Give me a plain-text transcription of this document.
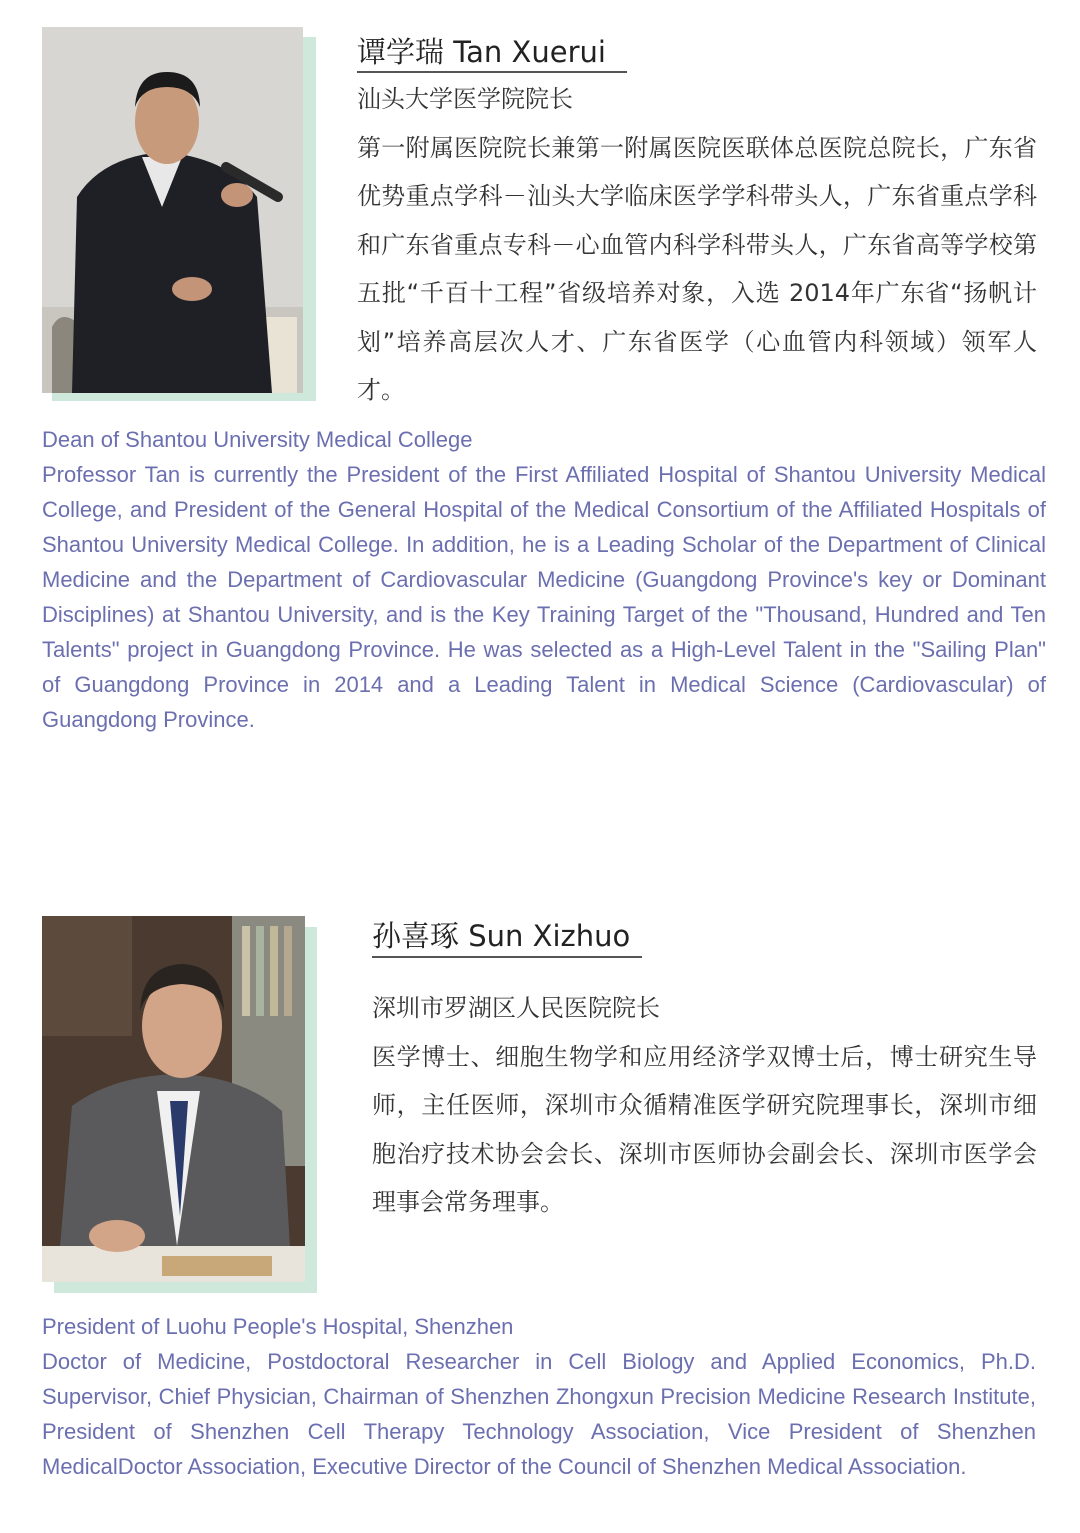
谭学瑞 Tan Xuerui

汕头大学医学院院长

第一附属医院院长兼第一附属医院医联体总医院总院长，广东省优势重点学科－汕头大学临床医学学科带头人，广东省重点学科和广东省重点专科－心血管内科学科带头人，广东省高等学校第五批“千百十工程”省级培养对象，入选 2014年广东省“扬帆计划”培养高层次人才、广东省医学（心血管内科领域）领军人才。

Dean of Shantou University Medical College

Professor Tan is currently the President of the First Affiliated Hospital of Shantou University Medical College, and President of the General Hospital of the Medical Consortium of the Affiliated Hospitals of Shantou University Medical College. In addition, he is a Leading Scholar of the Department of Clinical Medicine and the Department of Cardiovascular Medicine (Guangdong Province's key or Dominant Disciplines) at Shantou University, and is the Key Training Target of the "Thousand, Hundred and Ten Talents" project in Guangdong Province. He was selected as a High-Level Talent in the "Sailing Plan" of Guangdong Province in 2014 and a Leading Talent in Medical Science (Cardiovascular) of Guangdong Province.

孙喜琢 Sun Xizhuo

深圳市罗湖区人民医院院长

医学博士、细胞生物学和应用经济学双博士后，博士研究生导师，主任医师，深圳市众循精准医学研究院理事长，深圳市细胞治疗技术协会会长、深圳市医师协会副会长、深圳市医学会理事会常务理事。

President of Luohu People's Hospital, Shenzhen

Doctor of Medicine, Postdoctoral Researcher in Cell Biology and Applied Economics, Ph.D. Supervisor, Chief Physician, Chairman of Shenzhen Zhongxun Precision Medicine Research Institute, President of Shenzhen Cell Therapy Technology Association, Vice President of Shenzhen MedicalDoctor Association, Executive Director of the Council of Shenzhen Medical Association.
